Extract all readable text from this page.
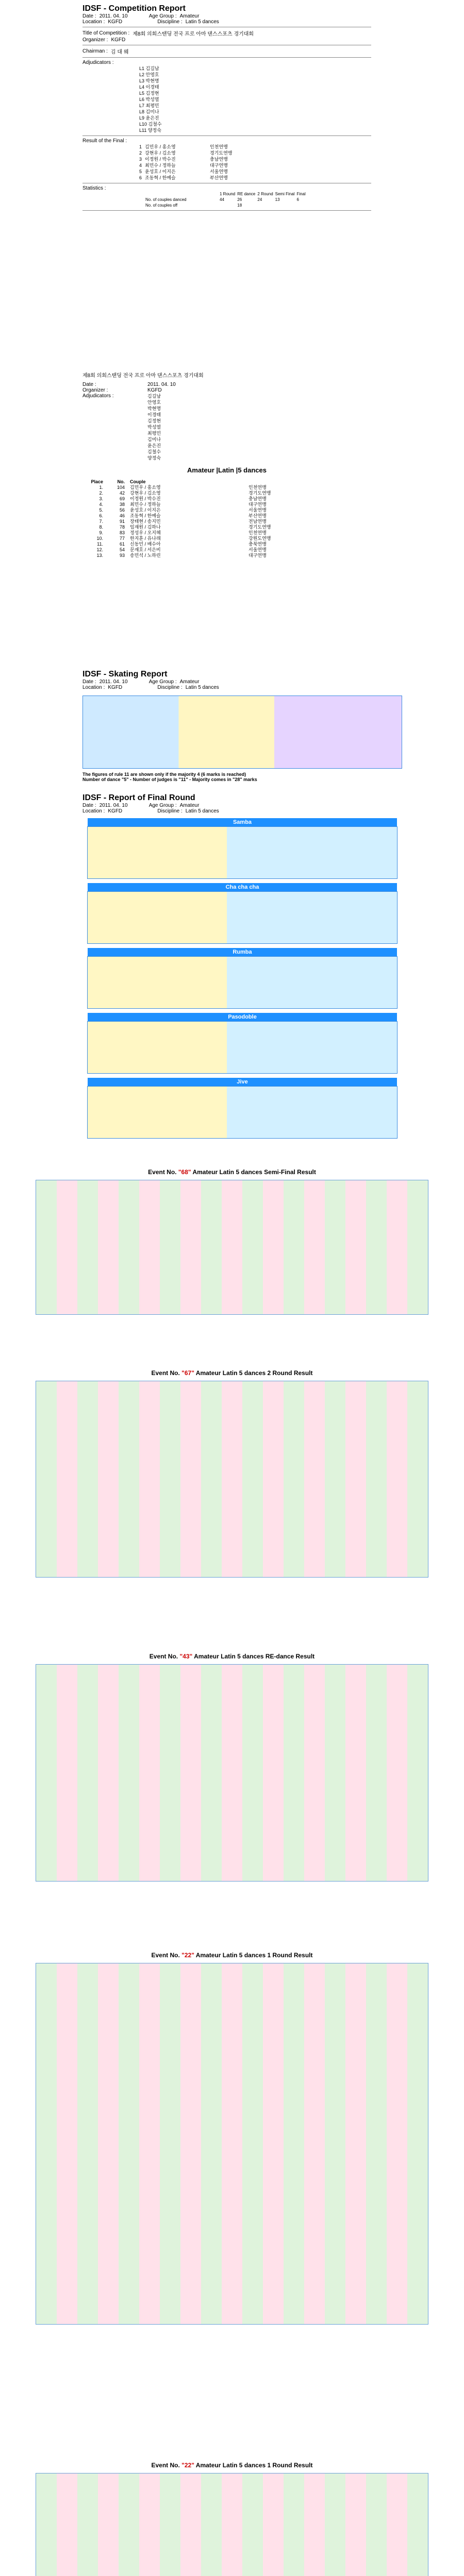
IDSF - Competition Report
Date : 2011. 04. 10	Age Group : Amateur
Location : KGFD	Discipline : Latin 5 dances
Title of Competition : 제8회 의회스탠딩 전국 프로 아마 댄스스포츠 경기대회
Organizer : KGFD
Chairman : 김 대 웨
Adjudicators :
L1 김길남
L2 안영호
L3 박현명
L4 이경태
L5 김정현
L6 박성열
L7 최평민
L8 김미나
L9 윤은진
L10 김철수
L11 양정숙
Result of the Final :
1 김민우 / 홍소영	인천연맹
2 강현우 / 김소영	경기도연맹
3 이정원 / 박수진	충남연맹
4 최민수 / 정하늘	대구연맹
5 윤성호 / 이지은	서울연맹
6 조동혁 / 한예슬	부산연맹
Statistics :
	1 Round	RE dance	2 Round	Semi Final	Final
No. of couples danced	44	26	24	13	6
No. of couples off		18			
제8회 의회스탠딩 전국 프로 아마 댄스스포츠 경기대회
Date :	2011. 04. 10
Organizer :	KGFD
Adjudicators :	김길남
안영호
박현명
이경태
김정현
박성열
최평민
김미나
윤은진
김철수
양정숙
Amateur |Latin |5 dances
Place	No. Couple
1.	104 김민우 / 홍소영	인천연맹
2.	42 강현우 / 김소영	경기도연맹
3.	69 이정원 / 박수진	충남연맹
4.	38 최민수 / 정하늘	대구연맹
5.	56 윤성호 / 이지은	서울연맹
6.	46 조동혁 / 한예슬	부산연맹
7.	91 장태현 / 송지민	전남연맹
8.	78 임재원 / 김하나	경기도연맹
9.	83 정성우 / 오지혜	인천연맹
10.	77 한지훈 / 유나래	강원도연맹
11.	61 신동민 / 배수아	충북연맹
12.	54 문재호 / 서은비	서울연맹
13.	93 송민석 / 노하린	대구연맹
IDSF - Skating Report
Date : 2011. 04. 10	Age Group : Amateur
Location : KGFD	Discipline : Latin 5 dances
The figures of rule 11 are shown only if the majority 4 (6 marks is reached)
Number of dance "5" - Number of judges is "11" - Majority comes in "28" marks
IDSF - Report of Final Round
Date : 2011. 04. 10	Age Group : Amateur
Location : KGFD	Discipline : Latin 5 dances
Samba
Cha cha cha
Rumba
Pasodoble
Jive
Event No. "68" Amateur Latin 5 dances Semi-Final Result
Event No. "67" Amateur Latin 5 dances 2 Round Result
Event No. "43" Amateur Latin 5 dances RE-dance Result
Event No. "22" Amateur Latin 5 dances 1 Round Result
Event No. "22" Amateur Latin 5 dances 1 Round Result
